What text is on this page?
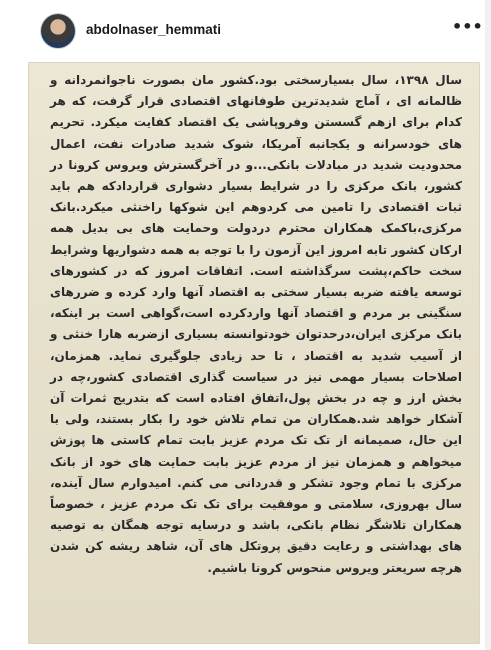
abdolnaser_hemmati	•••
سال ۱۳۹۸، سال بسیارسختی بود.کشور مان بصورت ناجوانمردانه و ظالمانه ای ، آماج شدیدترین طوفانهای اقتصادی قرار گرفت، که هر کدام برای ازهم گسستن وفروپاشی یک اقتصاد کفایت میکرد. تحریم های خودسرانه و یکجانبه آمریکا، شوک شدید صادرات نفت، اعمال محدودیت شدید در مبادلات بانکی...و در آخرگسترش ویروس کرونا در کشور، بانک مرکزی را در شرایط بسیار دشواری قراردادکه هم باید ثبات اقتصادی را تامین می کردوهم این شوکها راخنثی میکرد.بانک مرکزی،باکمک همکاران محترم دردولت وحمایت های بی بدیل همه ارکان کشور تابه امروز این آزمون را با توجه به همه دشواریها وشرایط سخت حاکم،پشت سرگذاشته است. اتفاقات امروز که در کشورهای توسعه یافته ضربه بسیار سختی به اقتصاد آنها وارد کرده و ضررهای سنگینی بر مردم و اقتصاد آنها واردکرده است،گواهی است بر اینکه، بانک مرکزی ایران،درحدتوان خودتوانسته بسیاری ازضربه هارا خنثی و از آسیب شدید به اقتصاد ، تا حد زیادی جلوگیری نماید. همزمان، اصلاحات بسیار مهمی نیز در سیاست گذاری اقتصادی کشور،چه در بخش ارز و چه در بخش پول،اتفاق افتاده است که بتدریج ثمرات آن آشکار خواهد شد.همکاران من تمام تلاش خود را بکار بستند، ولی با این حال، صمیمانه از تک تک مردم عزیز بابت تمام کاستی ها پوزش میخواهم و همزمان نیز از مردم عزیز بابت حمایت های خود از بانک مرکزی با تمام وجود تشکر و قدردانی می کنم. امیدوارم سال آینده، سال بهروزی، سلامتی و موفقیت برای تک تک مردم عزیز ، خصوصاً همکاران تلاشگر نظام بانکی، باشد و درسایه توجه همگان به توصیه های بهداشتی و رعایت دقیق پروتکل های آن، شاهد ریشه کن شدن هرچه سریعتر ویروس منحوس کرونا باشیم.
